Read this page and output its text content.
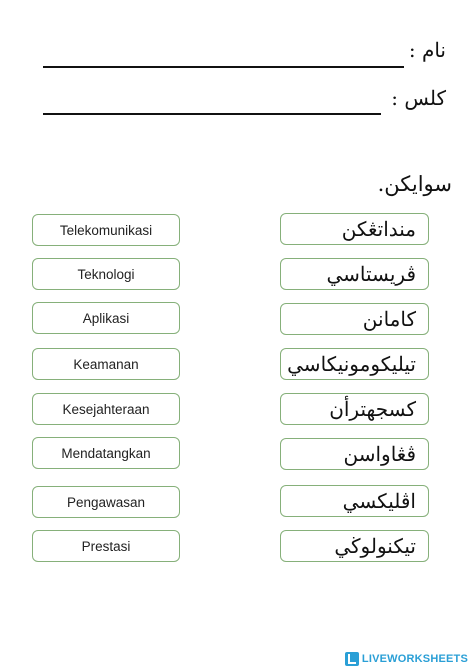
نام :
كلس :
سوايكن.
Telekomunikasi
Teknologi
Aplikasi
Keamanan
Kesejahteraan
Mendatangkan
Pengawasan
Prestasi
منداتڠكن
ڤريستاسي
كامانن
تيليكومونيكاسي
كسجهترأن
ڤڠاواسن
اڤليكسي
تيكنولوڬي
LIVEWORKSHEETS
